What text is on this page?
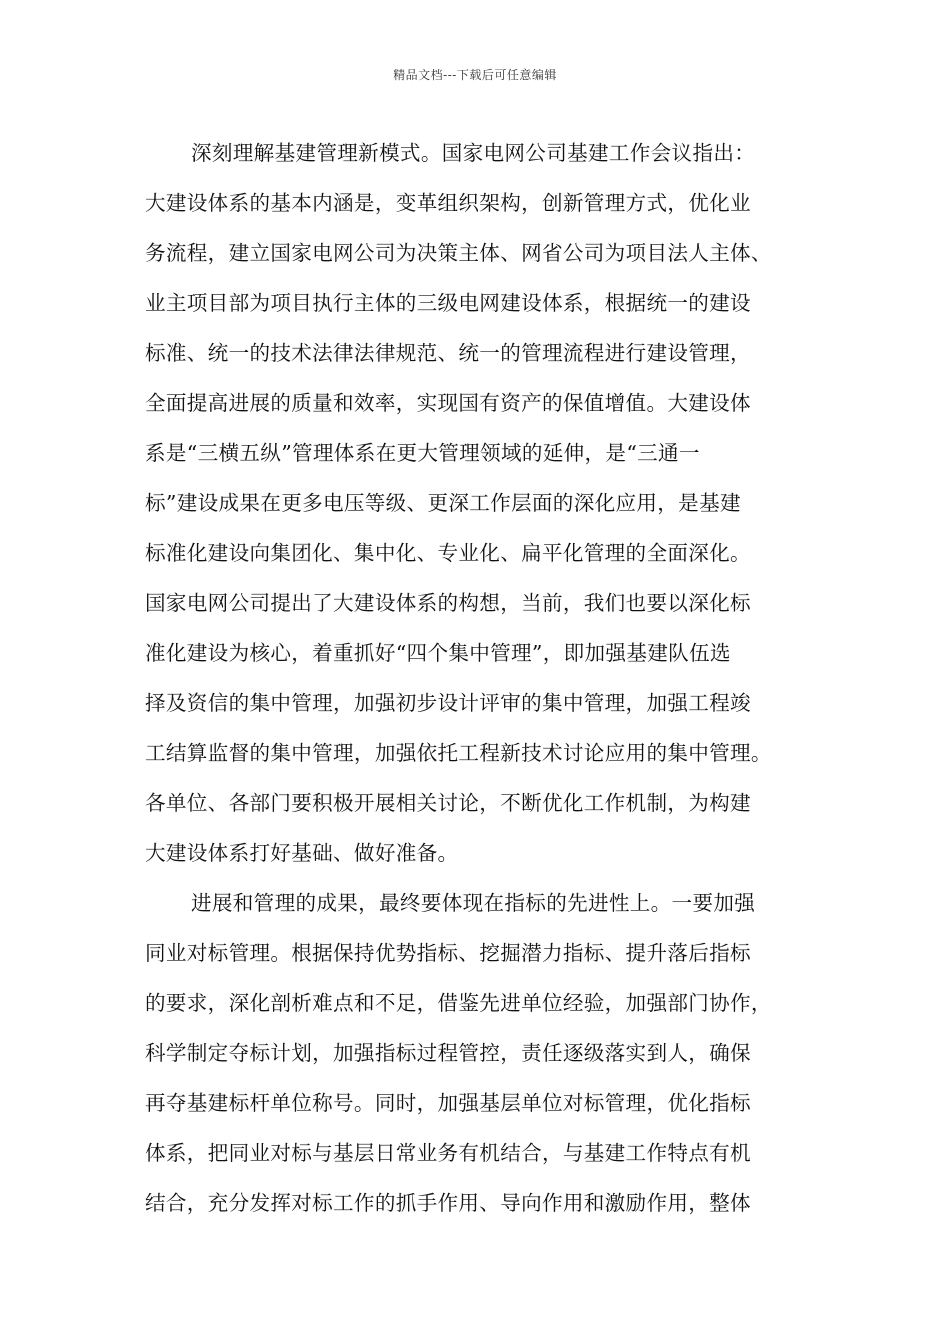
精品文档---下载后可任意编辑
深刻理解基建管理新模式。国家电网公司基建工作会议指出：
大建设体系的基本内涵是，变革组织架构，创新管理方式，优化业
务流程，建立国家电网公司为决策主体、网省公司为项目法人主体、
业主项目部为项目执行主体的三级电网建设体系，根据统一的建设
标准、统一的技术法律法律规范、统一的管理流程进行建设管理，
全面提高进展的质量和效率，实现国有资产的保值增值。大建设体
系是“三横五纵”管理体系在更大管理领域的延伸，是“三通一
标”建设成果在更多电压等级、更深工作层面的深化应用，是基建
标准化建设向集团化、集中化、专业化、扁平化管理的全面深化。
国家电网公司提出了大建设体系的构想，当前，我们也要以深化标
准化建设为核心，着重抓好“四个集中管理”，即加强基建队伍选
择及资信的集中管理，加强初步设计评审的集中管理，加强工程竣
工结算监督的集中管理，加强依托工程新技术讨论应用的集中管理。
各单位、各部门要积极开展相关讨论，不断优化工作机制，为构建
大建设体系打好基础、做好准备。
进展和管理的成果，最终要体现在指标的先进性上。一要加强
同业对标管理。根据保持优势指标、挖掘潜力指标、提升落后指标
的要求，深化剖析难点和不足，借鉴先进单位经验，加强部门协作，
科学制定夺标计划，加强指标过程管控，责任逐级落实到人，确保
再夺基建标杆单位称号。同时，加强基层单位对标管理，优化指标
体系，把同业对标与基层日常业务有机结合，与基建工作特点有机
结合，充分发挥对标工作的抓手作用、导向作用和激励作用，整体
